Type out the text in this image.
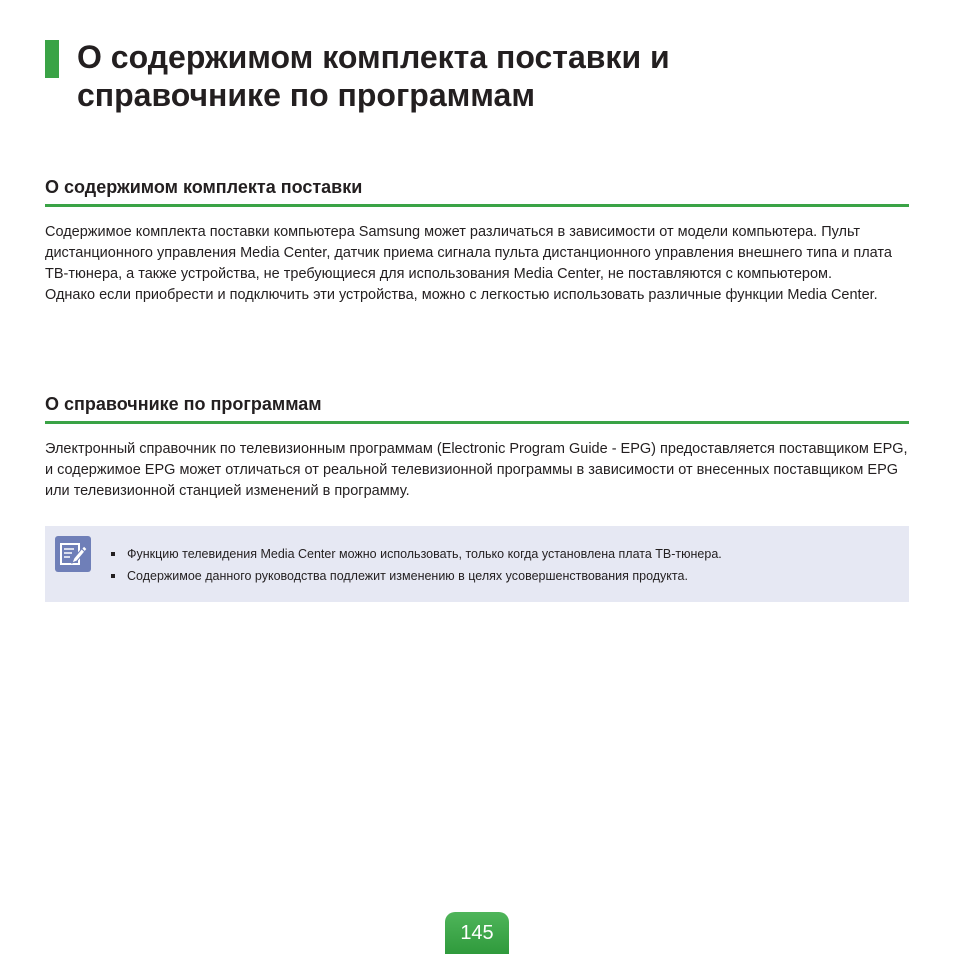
О содержимом комплекта поставки и справочнике по программам
О содержимом комплекта поставки

Содержимое комплекта поставки компьютера Samsung может различаться в зависимости от модели компьютера. Пульт дистанционного управления Media Center, датчик приема сигнала пульта дистанционного управления внешнего типа и плата ТВ-тюнера, а также устройства, не требующиеся для использования Media Center, не поставляются с компьютером.

Однако если приобрести и подключить эти устройства, можно с легкостью использовать различные функции Media Center.

О справочнике по программам

Электронный справочник по телевизионным программам (Electronic Program Guide - EPG) предоставляется поставщиком EPG, и содержимое EPG может отличаться от реальной телевизионной программы в зависимости от внесенных поставщиком EPG или телевизионной станцией изменений в программу.

Функцию телевидения Media Center можно использовать, только когда установлена плата ТВ-тюнера.
Содержимое данного руководства подлежит изменению в целях усовершенствования продукта.
145
